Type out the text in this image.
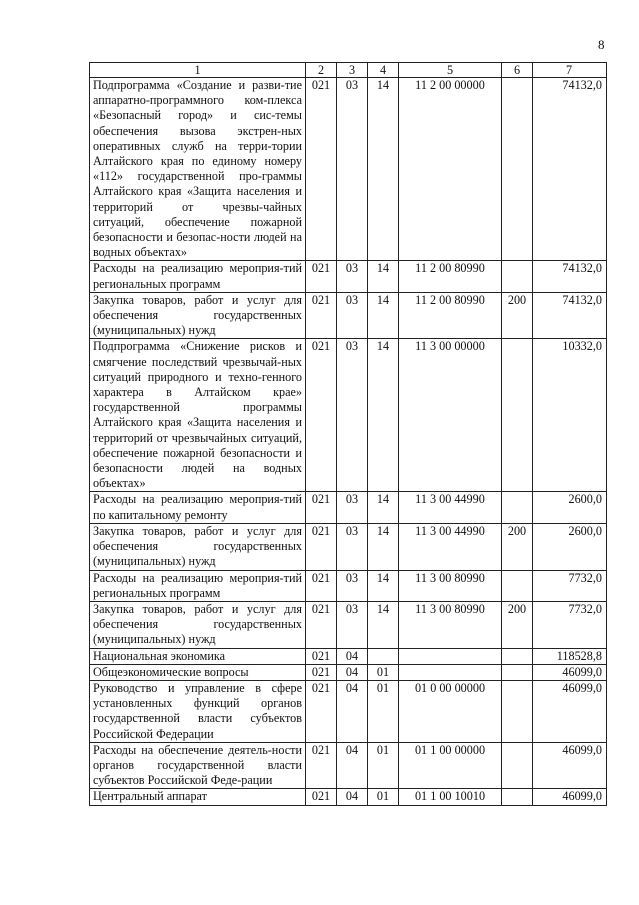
8
1	2	3	4	5	6	7
Подпрограмма «Создание и разви-тие аппаратно-программного ком-плекса «Безопасный город» и сис-темы обеспечения вызова экстрен-ных оперативных служб на терри-тории Алтайского края по единому номеру «112» государственной про-граммы Алтайского края «Защита населения и территорий от чрезвы-чайных ситуаций, обеспечение пожарной безопасности и безопас-ности людей на водных объектах»	021	03	14	11 2 00 00000		74132,0
Расходы на реализацию мероприя-тий региональных программ	021	03	14	11 2 00 80990		74132,0
Закупка товаров, работ и услуг для обеспечения государственных (муниципальных) нужд	021	03	14	11 2 00 80990	200	74132,0
Подпрограмма «Снижение рисков и смягчение последствий чрезвычай-ных ситуаций природного и техно-генного характера в Алтайском крае» государственной программы Алтайского края «Защита населения и территорий от чрезвычайных ситуаций, обеспечение пожарной безопасности и безопасности людей на водных объектах»	021	03	14	11 3 00 00000		10332,0
Расходы на реализацию мероприя-тий по капитальному ремонту	021	03	14	11 3 00 44990		2600,0
Закупка товаров, работ и услуг для обеспечения государственных (муниципальных) нужд	021	03	14	11 3 00 44990	200	2600,0
Расходы на реализацию мероприя-тий региональных программ	021	03	14	11 3 00 80990		7732,0
Закупка товаров, работ и услуг для обеспечения государственных (муниципальных) нужд	021	03	14	11 3 00 80990	200	7732,0
Национальная экономика	021	04				118528,8
Общеэкономические вопросы	021	04	01			46099,0
Руководство и управление в сфере установленных функций органов государственной власти субъектов Российской Федерации	021	04	01	01 0 00 00000		46099,0
Расходы на обеспечение деятель-ности органов государственной власти субъектов Российской Феде-рации	021	04	01	01 1 00 00000		46099,0
Центральный аппарат	021	04	01	01 1 00 10010		46099,0
